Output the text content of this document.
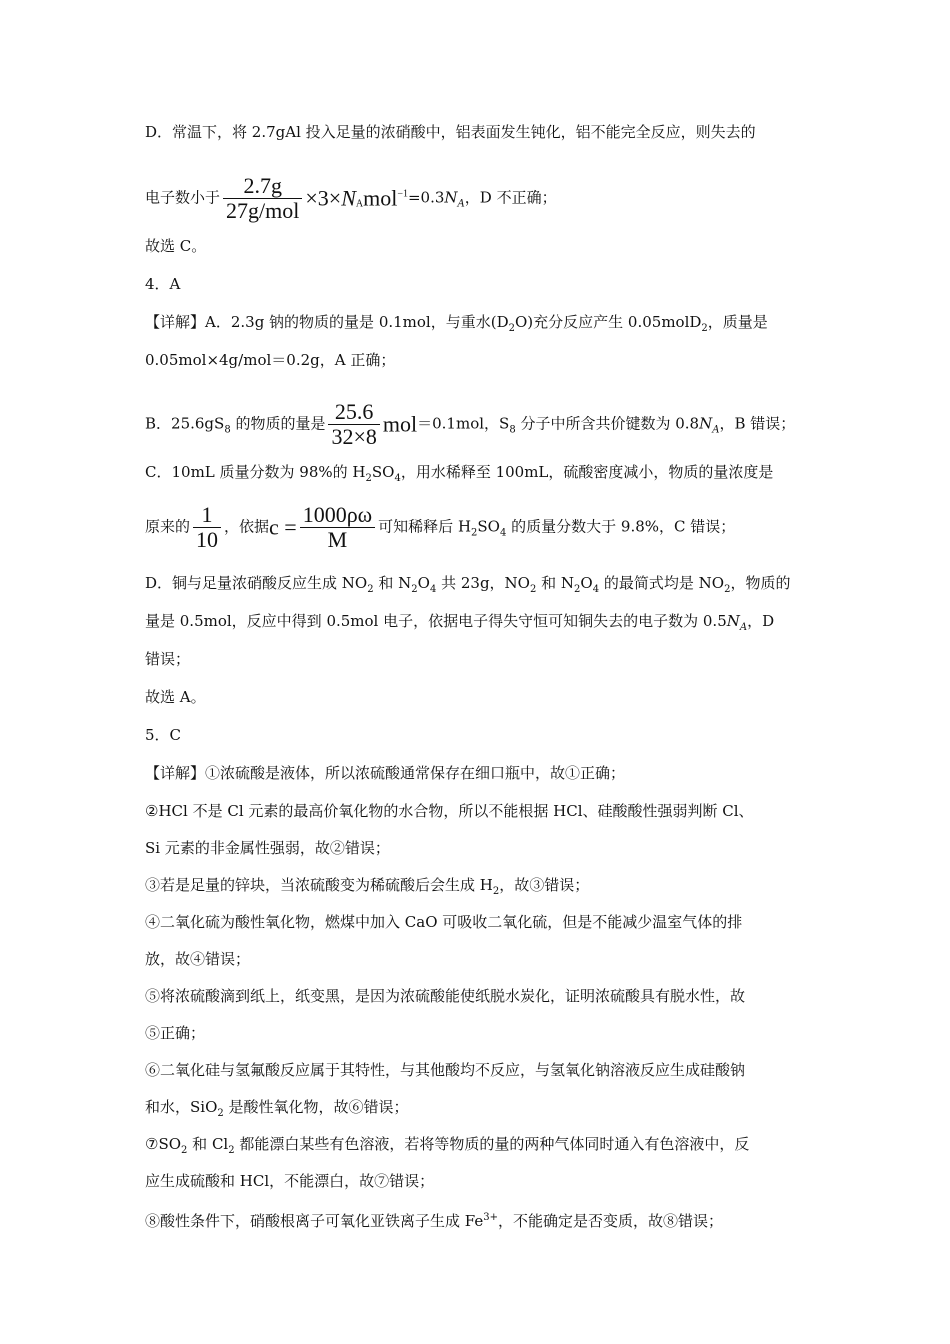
D．常温下，将 2.7gAl 投入足量的浓硝酸中，铝表面发生钝化，铝不能完全反应，则失去的
电子数小于 $\frac{2.7g}{\text{27g/mol}} \times 3\times N_Amol^{-1}=0.3N_A$，D 不正确；
故选 C。
4．A
【详解】A．2.3g 钠的物质的量是 0.1mol，与重水$(D_2O)$充分反应产生 0.05molD$_2$，质量是
0.05mol×4g/mol＝0.2g，A 正确；
B．$25.6gS_8$ 的物质的量是 $\frac{25.6}{32\times 8} mol=0.1mol$，$S_8$ 分子中所含共价键数为 $0.8N_A$，B 错误；
C．10mL 质量分数为 98%的 $H_2SO_4$，用水稀释至 100mL，硫酸密度减小，物质的量浓度是
原来的 $\frac{1}{10}$ ，依据$c = \frac{1000\rho\omega}{M}$ 可知稀释后 $H_2SO_4$ 的质量分数大于 9.8%，C 错误；
D．铜与足量浓硝酸反应生成 $NO_2$ 和 $N_2O_4$ 共 23g，$NO_2$ 和 $N_2O_4$ 的最简式均是 $NO_2$，物质的
量是 0.5mol，反应中得到 0.5mol 电子，依据电子得失守恒可知铜失去的电子数为 $0.5N_A$，D
错误；
故选 A。
5．C
【详解】①浓硫酸是液体，所以浓硫酸通常保存在细口瓶中，故①正确；
②HCl 不是 Cl 元素的最高价氧化物的水合物，所以不能根据 HCl、硅酸酸性强弱判断 Cl、
Si 元素的非金属性强弱，故②错误；
③若是足量的锌块，当浓硫酸变为稀硫酸后会生成 $H_2$，故③错误；
④二氧化硫为酸性氧化物，燃煤中加入 CaO 可吸收二氧化硫，但是不能减少温室气体的排
放，故④错误；
⑤将浓硫酸滴到纸上，纸变黑，是因为浓硫酸能使纸脱水炭化，证明浓硫酸具有脱水性，故
⑤正确；
⑥二氧化硅与氢氟酸反应属于其特性，与其他酸均不反应，与氢氧化钠溶液反应生成硅酸钠
和水，SiO$_2$ 是酸性氧化物，故⑥错误；
$⑦SO_2$ 和 $Cl_2$ 都能漂白某些有色溶液，若将等物质的量的两种气体同时通入有色溶液中，反
应生成硫酸和 HCl，不能漂白，故⑦错误；
⑧酸性条件下，硝酸根离子可氧化亚铁离子生成 $Fe^{3+}$，不能确定是否变质，故⑧错误；
